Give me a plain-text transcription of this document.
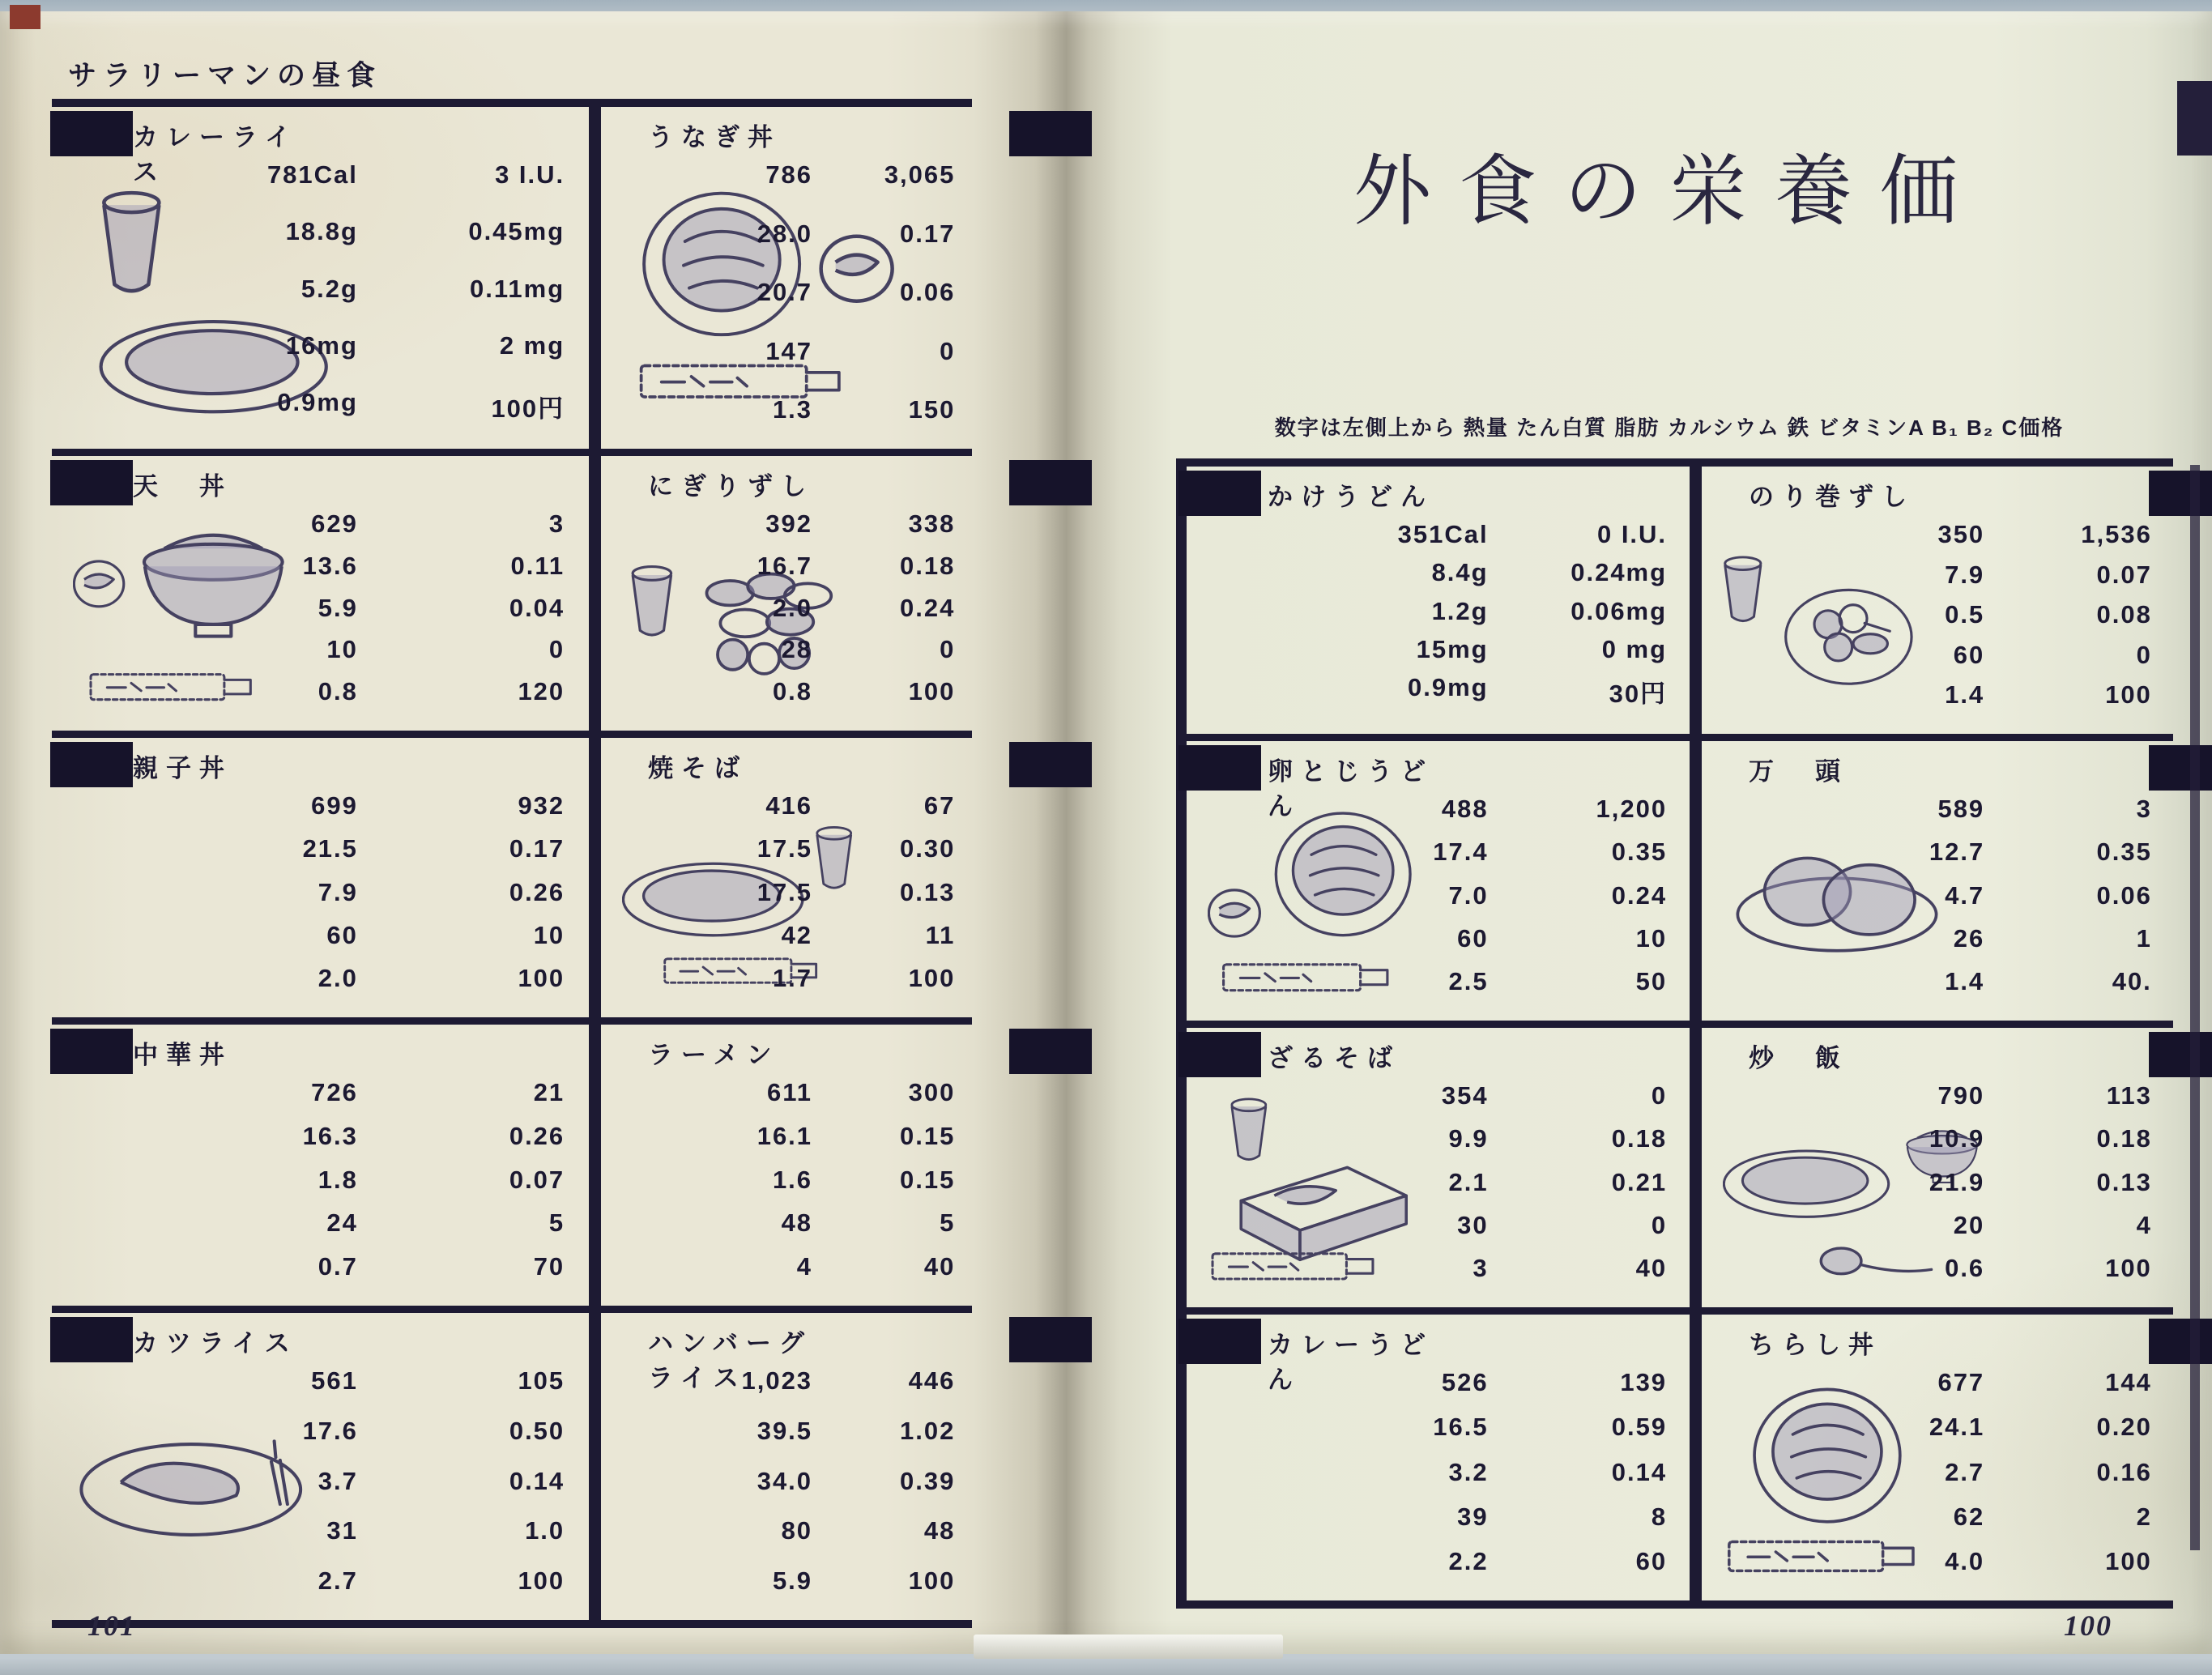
サラリーマンの昼食
カレーライス	781Cal	3 I.U.
18.8g	0.45mg
5.2g	0.11mg
16mg	2 mg
0.9mg	100円
うなぎ丼
786	3,065
28.0	0.17
20.7	0.06
147	0
1.3	150
天　丼
629	3
13.6	0.11
5.9	0.04
10	0
0.8	120
にぎりずし
392	338
16.7	0.18
2.0	0.24
28	0
0.8	100
親子丼
699	932
21.5	0.17
7.9	0.26
60	10
2.0	100
焼そば
416	67
17.5	0.30
17.5	0.13
42	11
1.7	100
中華丼
726	21
16.3	0.26
1.8	0.07
24	5
0.7	70
ラーメン
611	300
16.1	0.15
1.6	0.15
48	5
4	40
カツライス
561	105
17.6	0.50
3.7	0.14
31	1.0
2.7	100
ハンバーグライス
1,023	446
39.5	1.02
34.0	0.39
80	48
5.9	100
101
外食の栄養価
数字は左側上から 熱量 たん白質 脂肪 カルシウム 鉄 ビタミンA B₁ B₂ C価格
かけうどん
351Cal	0 I.U.
8.4g	0.24mg
1.2g	0.06mg
15mg	0 mg
0.9mg	30円
のり巻ずし
350	1,536
7.9	0.07
0.5	0.08
60	0
1.4	100
卵とじうどん	488	1,200
17.4	0.35
7.0	0.24
60	10
2.5	50
万　頭
589	3
12.7	0.35
4.7	0.06
26	1
1.4	40.
ざるそば
354	0
9.9	0.18
2.1	0.21
30	0
3	40
炒　飯
790	113
10.9	0.18
21.9	0.13
20	4
0.6	100
カレーうどん	526	139
16.5	0.59
3.2	0.14
39	8
2.2	60
ちらし丼
677	144
24.1	0.20
2.7	0.16
62	2
4.0	100
100
